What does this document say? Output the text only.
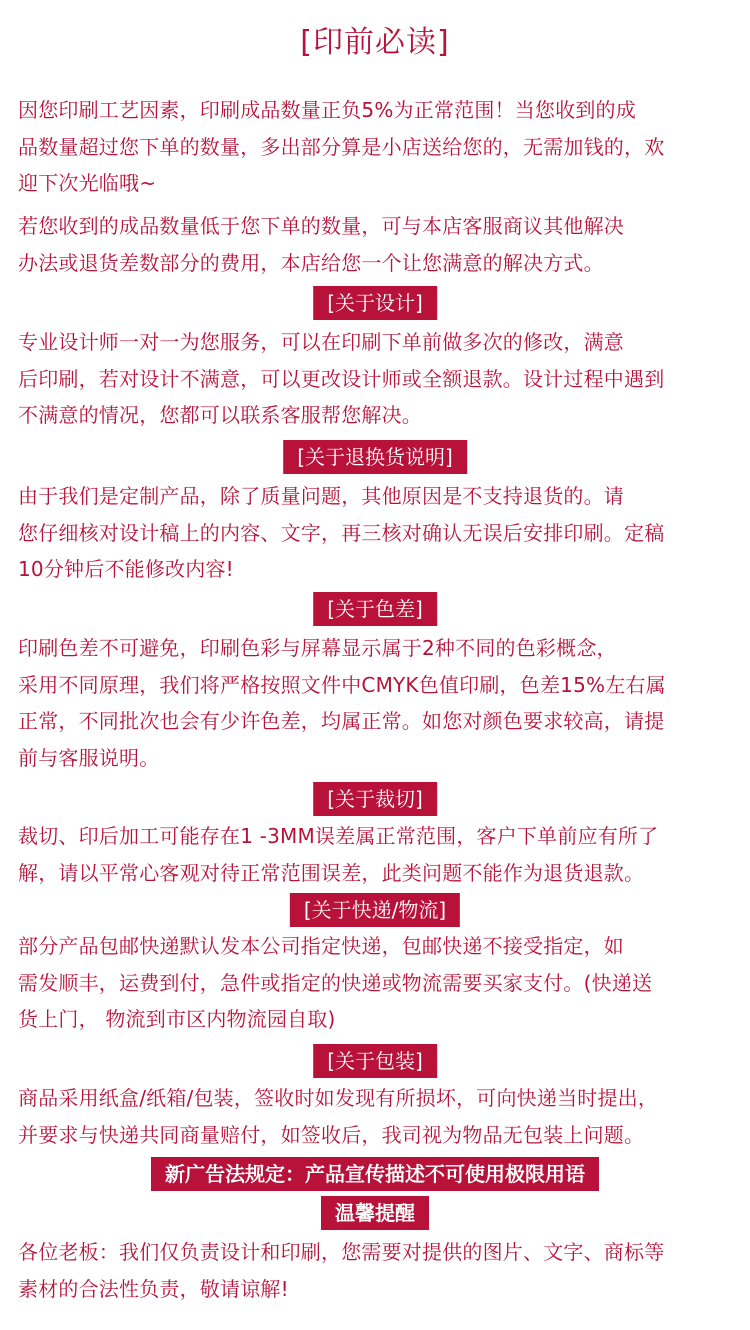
[印前必读]
因您印刷工艺因素，印刷成品数量正负5%为正常范围！当您收到的成
品数量超过您下单的数量，多出部分算是小店送给您的，无需加钱的，欢
迎下次光临哦~
若您收到的成品数量低于您下单的数量，可与本店客服商议其他解决
办法或退货差数部分的费用，本店给您一个让您满意的解决方式。
[关于设计]
专业设计师一对一为您服务，可以在印刷下单前做多次的修改，满意
后印刷，若对设计不满意，可以更改设计师或全额退款。设计过程中遇到
不满意的情况，您都可以联系客服帮您解决。
[关于退换货说明]
由于我们是定制产品，除了质量问题，其他原因是不支持退货的。请
您仔细核对设计稿上的内容、文字，再三核对确认无误后安排印刷。定稿
10分钟后不能修改内容!
[关于色差]
印刷色差不可避免，印刷色彩与屏幕显示属于2种不同的色彩概念，
采用不同原理，我们将严格按照文件中CMYK色值印刷，色差15%左右属
正常，不同批次也会有少许色差，均属正常。如您对颜色要求较高，请提
前与客服说明。
[关于裁切]
裁切、印后加工可能存在1 -3MM误差属正常范围，客户下单前应有所了
解，请以平常心客观对待正常范围误差，此类问题不能作为退货退款。
[关于快递/物流]
部分产品包邮快递默认发本公司指定快递，包邮快递不接受指定，如
需发顺丰，运费到付，急件或指定的快递或物流需要买家支付。(快递送
货上门， 物流到市区内物流园自取)
[关于包装]
商品采用纸盒/纸箱/包装，签收时如发现有所损坏，可向快递当时提出，
并要求与快递共同商量赔付，如签收后，我司视为物品无包装上问题。
新广告法规定：产品宣传描述不可使用极限用语
温馨提醒
各位老板：我们仅负责设计和印刷，您需要对提供的图片、文字、商标等
素材的合法性负责，敬请谅解!
